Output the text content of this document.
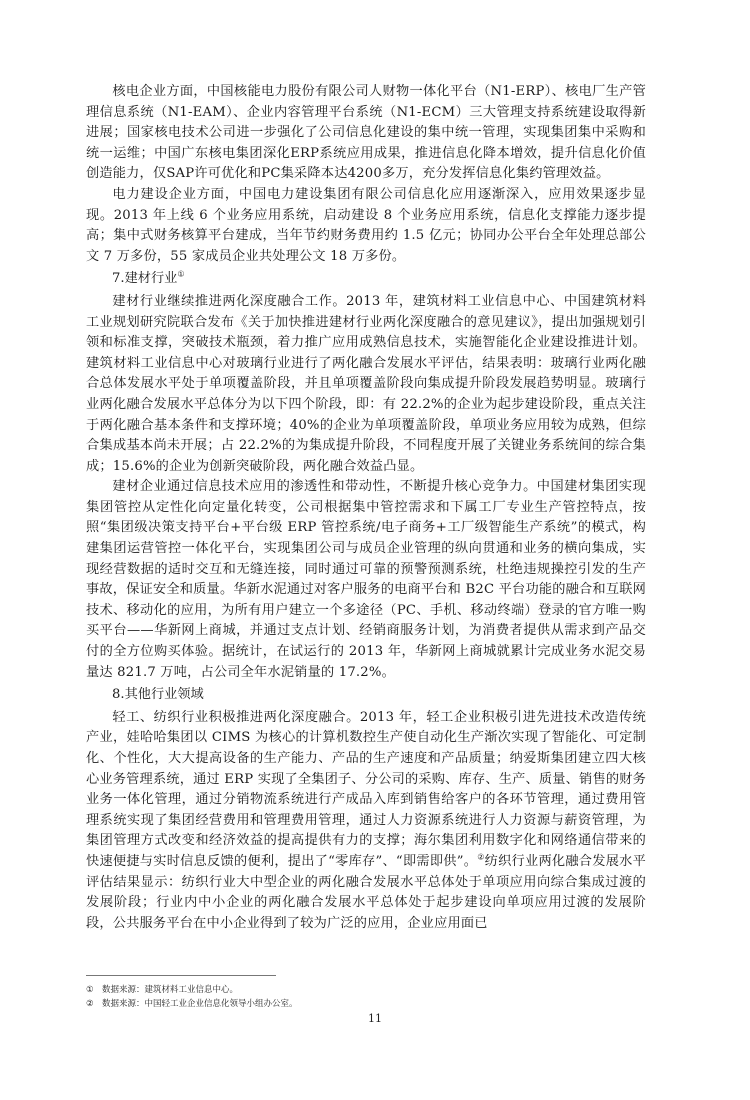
核电企业方面，中国核能电力股份有限公司人财物一体化平台（N1-ERP）、核电厂生产管理信息系统（N1-EAM）、企业内容管理平台系统（N1-ECM）三大管理支持系统建设取得新进展；国家核电技术公司进一步强化了公司信息化建设的集中统一管理，实现集团集中采购和统一运维；中国广东核电集团深化ERP系统应用成果，推进信息化降本增效，提升信息化价值创造能力，仅SAP许可优化和PC集采降本达4200多万，充分发挥信息化集约管理效益。

电力建设企业方面，中国电力建设集团有限公司信息化应用逐渐深入，应用效果逐步显现。2013 年上线 6 个业务应用系统，启动建设 8 个业务应用系统，信息化支撑能力逐步提高；集中式财务核算平台建成，当年节约财务费用约 1.5 亿元；协同办公平台全年处理总部公文 7 万多份，55 家成员企业共处理公文 18 万多份。

7.建材行业①

建材行业继续推进两化深度融合工作。2013 年，建筑材料工业信息中心、中国建筑材料工业规划研究院联合发布《关于加快推进建材行业两化深度融合的意见建议》，提出加强规划引领和标准支撑，突破技术瓶颈，着力推广应用成熟信息技术，实施智能化企业建设推进计划。建筑材料工业信息中心对玻璃行业进行了两化融合发展水平评估，结果表明：玻璃行业两化融合总体发展水平处于单项覆盖阶段，并且单项覆盖阶段向集成提升阶段发展趋势明显。玻璃行业两化融合发展水平总体分为以下四个阶段，即：有 22.2%的企业为起步建设阶段，重点关注于两化融合基本条件和支撑环境；40%的企业为单项覆盖阶段，单项业务应用较为成熟，但综合集成基本尚未开展；占 22.2%的为集成提升阶段，不同程度开展了关键业务系统间的综合集成；15.6%的企业为创新突破阶段，两化融合效益凸显。

建材企业通过信息技术应用的渗透性和带动性，不断提升核心竞争力。中国建材集团实现集团管控从定性化向定量化转变，公司根据集中管控需求和下属工厂专业生产管控特点，按照“集团级决策支持平台+平台级 ERP 管控系统/电子商务+工厂级智能生产系统”的模式，构建集团运营管控一体化平台，实现集团公司与成员企业管理的纵向贯通和业务的横向集成，实现经营数据的适时交互和无缝连接，同时通过可靠的预警预测系统，杜绝违规操控引发的生产事故，保证安全和质量。华新水泥通过对客户服务的电商平台和 B2C 平台功能的融合和互联网技术、移动化的应用，为所有用户建立一个多途径（PC、手机、移动终端）登录的官方唯一购买平台——华新网上商城，并通过支点计划、经销商服务计划，为消费者提供从需求到产品交付的全方位购买体验。据统计，在试运行的 2013 年，华新网上商城就累计完成业务水泥交易量达 821.7 万吨，占公司全年水泥销量的 17.2%。

8.其他行业领域

轻工、纺织行业积极推进两化深度融合。2013 年，轻工企业积极引进先进技术改造传统产业，娃哈哈集团以 CIMS 为核心的计算机数控生产使自动化生产渐次实现了智能化、可定制化、个性化，大大提高设备的生产能力、产品的生产速度和产品质量；纳爱斯集团建立四大核心业务管理系统，通过 ERP 实现了全集团子、分公司的采购、库存、生产、质量、销售的财务业务一体化管理，通过分销物流系统进行产成品入库到销售给客户的各环节管理，通过费用管理系统实现了集团经营费用和管理费用管理，通过人力资源系统进行人力资源与薪资管理，为集团管理方式改变和经济效益的提高提供有力的支撑；海尔集团利用数字化和网络通信带来的快速便捷与实时信息反馈的便利，提出了“零库存”、“即需即供”。②纺织行业两化融合发展水平评估结果显示：纺织行业大中型企业的两化融合发展水平总体处于单项应用向综合集成过渡的发展阶段；行业内中小企业的两化融合发展水平总体处于起步建设向单项应用过渡的发展阶段，公共服务平台在中小企业得到了较为广泛的应用，企业应用面已

① 数据来源：建筑材料工业信息中心。
② 数据来源：中国轻工业企业信息化领导小组办公室。
11
